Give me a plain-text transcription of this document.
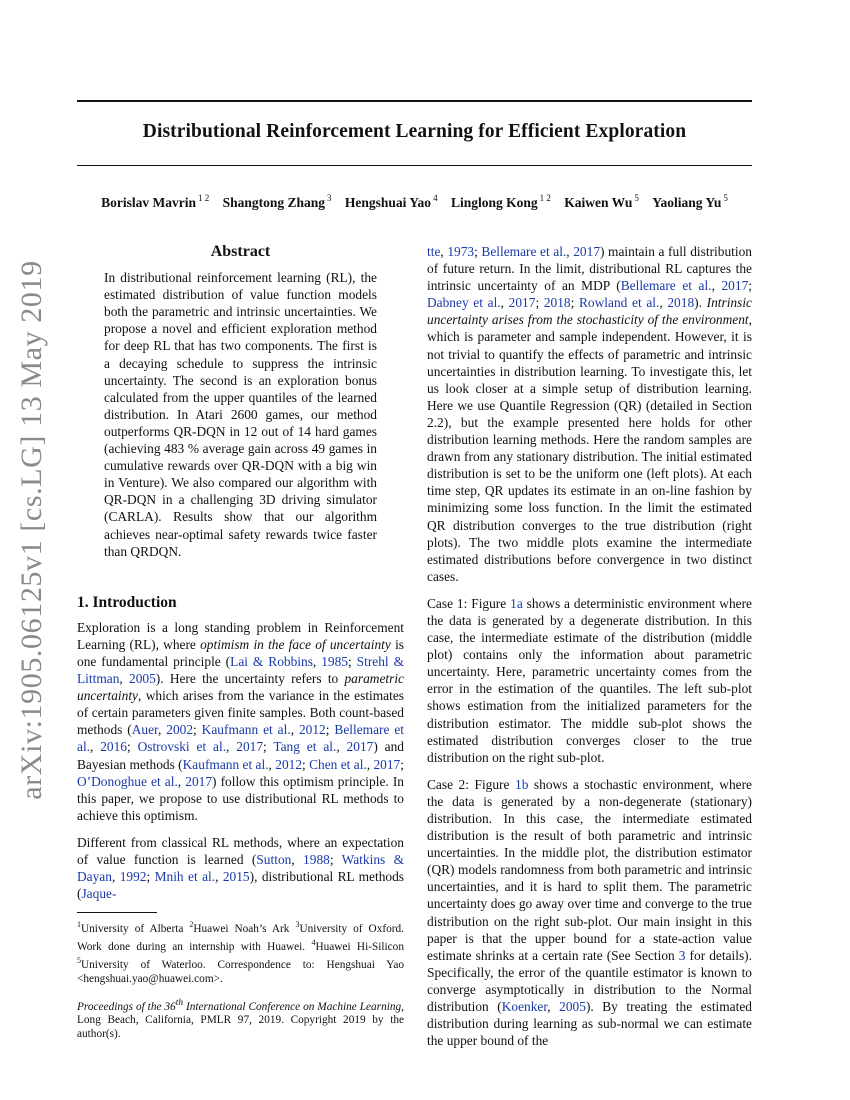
Distributional Reinforcement Learning for Efficient Exploration
Borislav Mavrin $^{1 2}$ Shangtong Zhang $^3$ Hengshuai Yao $^4$ Linglong Kong $^{1 2}$ Kaiwen Wu $^5$ Yaoliang Yu $^5$
arXiv:1905.06125v1 [cs.LG] 13 May 2019
Abstract
In distributional reinforcement learning (RL), the estimated distribution of value function models both the parametric and intrinsic uncertainties. We propose a novel and efficient exploration method for deep RL that has two components. The first is a decaying schedule to suppress the intrinsic uncertainty. The second is an exploration bonus calculated from the upper quantiles of the learned distribution. In Atari 2600 games, our method outperforms QR-DQN in 12 out of 14 hard games (achieving 483 % average gain across 49 games in cumulative rewards over QR-DQN with a big win in Venture). We also compared our algorithm with QR-DQN in a challenging 3D driving simulator (CARLA). Results show that our algorithm achieves near-optimal safety rewards twice faster than QRDQN.
1. Introduction

Exploration is a long standing problem in Reinforcement Learning (RL), where optimism in the face of uncertainty is one fundamental principle (Lai & Robbins, 1985; Strehl & Littman, 2005). Here the uncertainty refers to parametric uncertainty, which arises from the variance in the estimates of certain parameters given finite samples. Both count-based methods (Auer, 2002; Kaufmann et al., 2012; Bellemare et al., 2016; Ostrovski et al., 2017; Tang et al., 2017) and Bayesian methods (Kaufmann et al., 2012; Chen et al., 2017; O’Donoghue et al., 2017) follow this optimism principle. In this paper, we propose to use distributional RL methods to achieve this optimism.

Different from classical RL methods, where an expectation of value function is learned (Sutton, 1988; Watkins & Dayan, 1992; Mnih et al., 2015), distributional RL methods (Jaque-

$^1$University of Alberta $^2$Huawei Noah’s Ark $^3$University of Oxford. Work done during an internship with Huawei. $^4$Huawei Hi-Silicon $^5$University of Waterloo. Correspondence to: Hengshuai Yao <hengshuai.yao@huawei.com>.

Proceedings of the 36th International Conference on Machine Learning, Long Beach, California, PMLR 97, 2019. Copyright 2019 by the author(s).

tte, 1973; Bellemare et al., 2017) maintain a full distribution of future return. In the limit, distributional RL captures the intrinsic uncertainty of an MDP (Bellemare et al., 2017; Dabney et al., 2017; 2018; Rowland et al., 2018). Intrinsic uncertainty arises from the stochasticity of the environment, which is parameter and sample independent. However, it is not trivial to quantify the effects of parametric and intrinsic uncertainties in distribution learning. To investigate this, let us look closer at a simple setup of distribution learning. Here we use Quantile Regression (QR) (detailed in Section 2.2), but the example presented here holds for other distribution learning methods. Here the random samples are drawn from any stationary distribution. The initial estimated distribution is set to be the uniform one (left plots). At each time step, QR updates its estimate in an on-line fashion by minimizing some loss function. In the limit the estimated QR distribution converges to the true distribution (right plots). The two middle plots examine the intermediate estimated distributions before convergence in two distinct cases.

Case 1: Figure 1a shows a deterministic environment where the data is generated by a degenerate distribution. In this case, the intermediate estimate of the distribution (middle plot) contains only the information about parametric uncertainty. Here, parametric uncertainty comes from the error in the estimation of the quantiles. The left sub-plot shows estimation from the initialized parameters for the distribution estimator. The middle sub-plot shows the estimated distribution converges closer to the true distribution on the right sub-plot.

Case 2: Figure 1b shows a stochastic environment, where the data is generated by a non-degenerate (stationary) distribution. In this case, the intermediate estimated distribution is the result of both parametric and intrinsic uncertainties. In the middle plot, the distribution estimator (QR) models randomness from both parametric and intrinsic uncertainties, and it is hard to split them. The parametric uncertainty does go away over time and converge to the true distribution on the right sub-plot. Our main insight in this paper is that the upper bound for a state-action value estimate shrinks at a certain rate (See Section 3 for details). Specifically, the error of the quantile estimator is known to converge asymptotically in distribution to the Normal distribution (Koenker, 2005). By treating the estimated distribution during learning as sub-normal we can estimate the upper bound of the
